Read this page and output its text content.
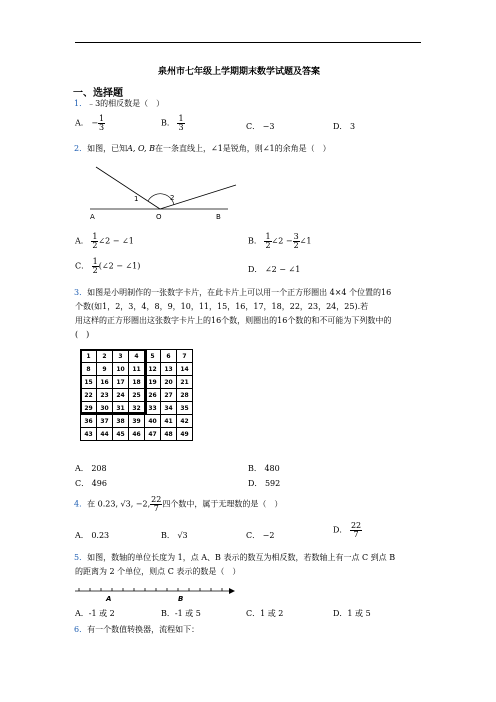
泉州市七年级上学期期末数学试题及答案
一、选择题
1．﹣3的相反数是（　）
A． − $\frac{1}{3}$	B． $\frac{1}{3}$	C． −3	D． 3
2．如图，已知A, O, B在一条直线上，∠1是锐角，则∠1的余角是（　）
A	O	B
1	2
A． $\frac{1}{2}$ ∠2 − ∠1	B． $\frac{1}{2}$ ∠2 − $\frac{3}{2}$ ∠1
C． $\frac{1}{2}$ (∠2 − ∠1)	D． ∠2 − ∠1
3．如图是小明制作的一张数字卡片，在此卡片上可以用一个正方形圈出 4×4 个位置的16
个数(如1，2，3，4，8，9，10，11，15，16，17，18，22，23，24，25).若
用这样的正方形圈出这张数字卡片上的16个数，则圈出的16个数的和不可能为下列数中的
(　)
1	2	3	4	5	6	7
8	9	10	11	12	13	14
15	16	17	18	19	20	21
22	23	24	25	26	27	28
29	30	31	32	33	34	35
36	37	38	39	40	41	42
43	44	45	46	47	48	49
A． 208	B． 480
C． 496	D． 592
4．在 0.23, √3, −2, $\frac{22}{7}$ 四个数中，属于无理数的是（　）
A． 0.23	B． √3	C． −2
D． $\frac{22}{7}$
5．如图，数轴的单位长度为 1，点 A、B 表示的数互为相反数，若数轴上有一点 C 到点 B
的距离为 2 个单位，则点 C 表示的数是（　）
A	B
A．-1 或 2	B．-1 或 5	C．1 或 2	D．1 或 5
6．有一个数值转换器，流程如下：
